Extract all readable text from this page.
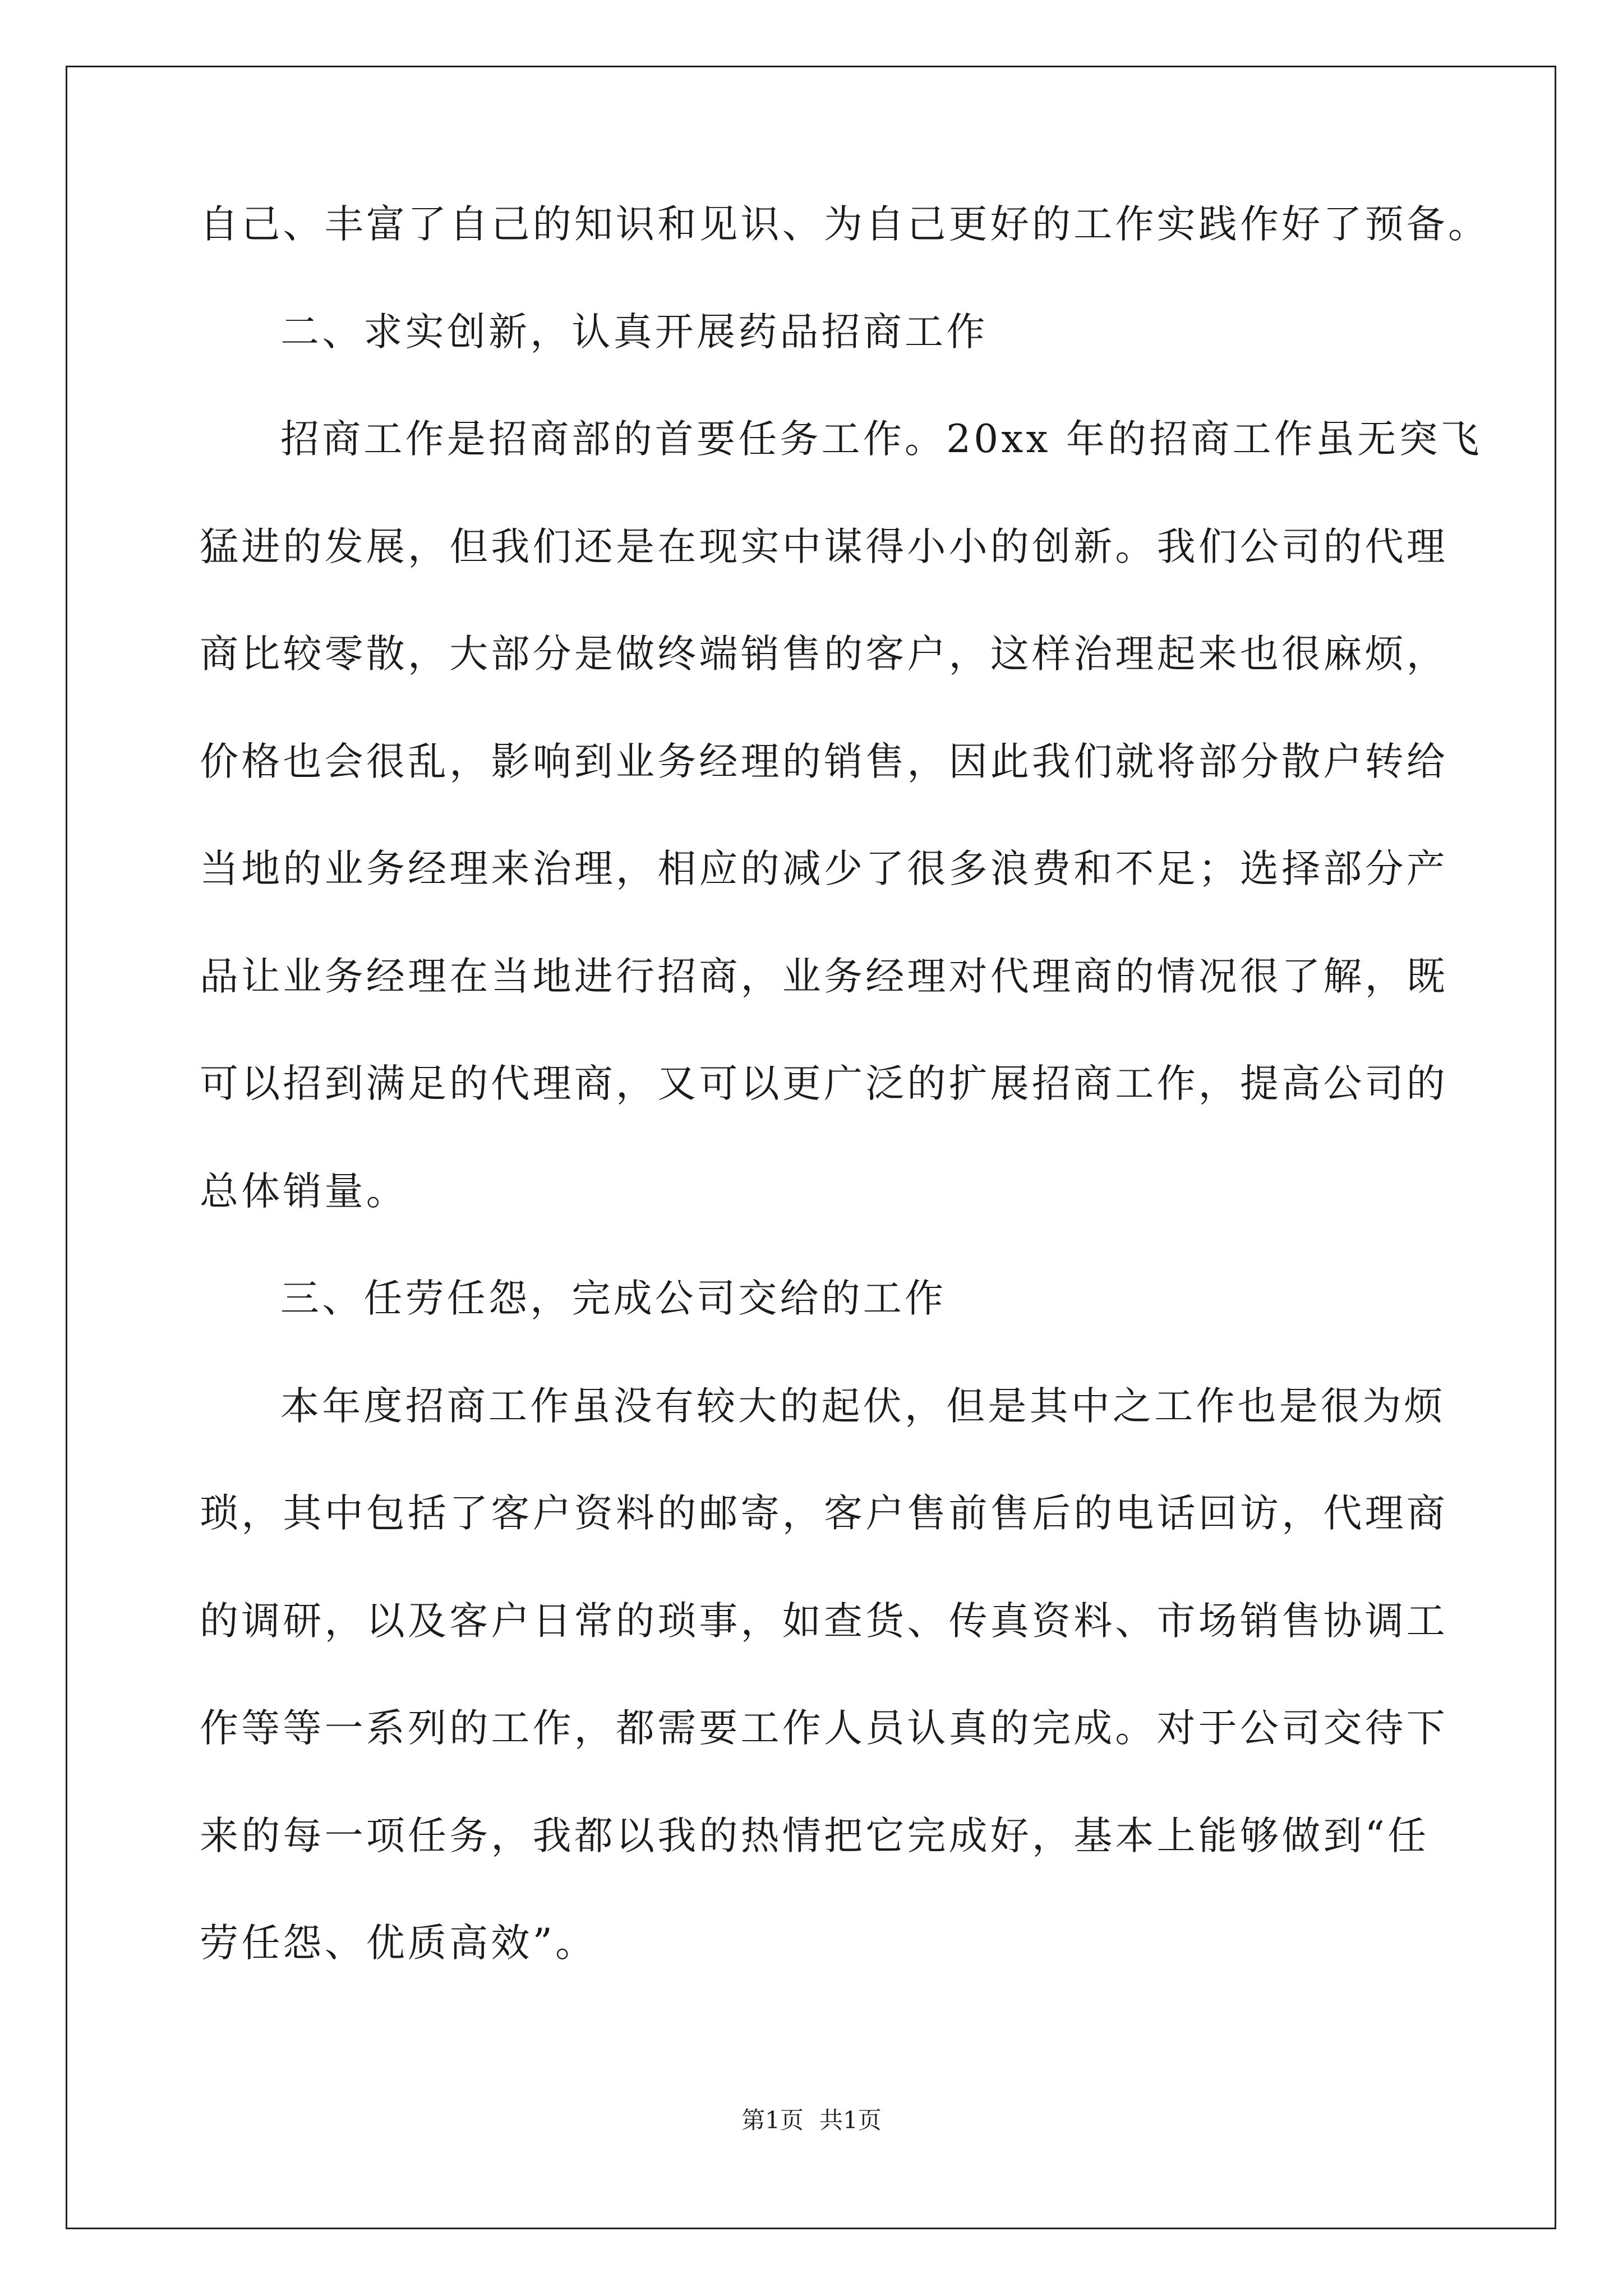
自己、丰富了自己的知识和见识、为自己更好的工作实践作好了预备。
二、求实创新，认真开展药品招商工作
招商工作是招商部的首要任务工作。20xx 年的招商工作虽无突飞
猛进的发展，但我们还是在现实中谋得小小的创新。我们公司的代理
商比较零散，大部分是做终端销售的客户，这样治理起来也很麻烦，
价格也会很乱，影响到业务经理的销售，因此我们就将部分散户转给
当地的业务经理来治理，相应的减少了很多浪费和不足；选择部分产
品让业务经理在当地进行招商，业务经理对代理商的情况很了解，既
可以招到满足的代理商，又可以更广泛的扩展招商工作，提高公司的
总体销量。
三、任劳任怨，完成公司交给的工作
本年度招商工作虽没有较大的起伏，但是其中之工作也是很为烦
琐，其中包括了客户资料的邮寄，客户售前售后的电话回访，代理商
的调研，以及客户日常的琐事，如查货、传真资料、市场销售协调工
作等等一系列的工作，都需要工作人员认真的完成。对于公司交待下
来的每一项任务，我都以我的热情把它完成好，基本上能够做到“任
劳任怨、优质高效”。
第1页 共1页
